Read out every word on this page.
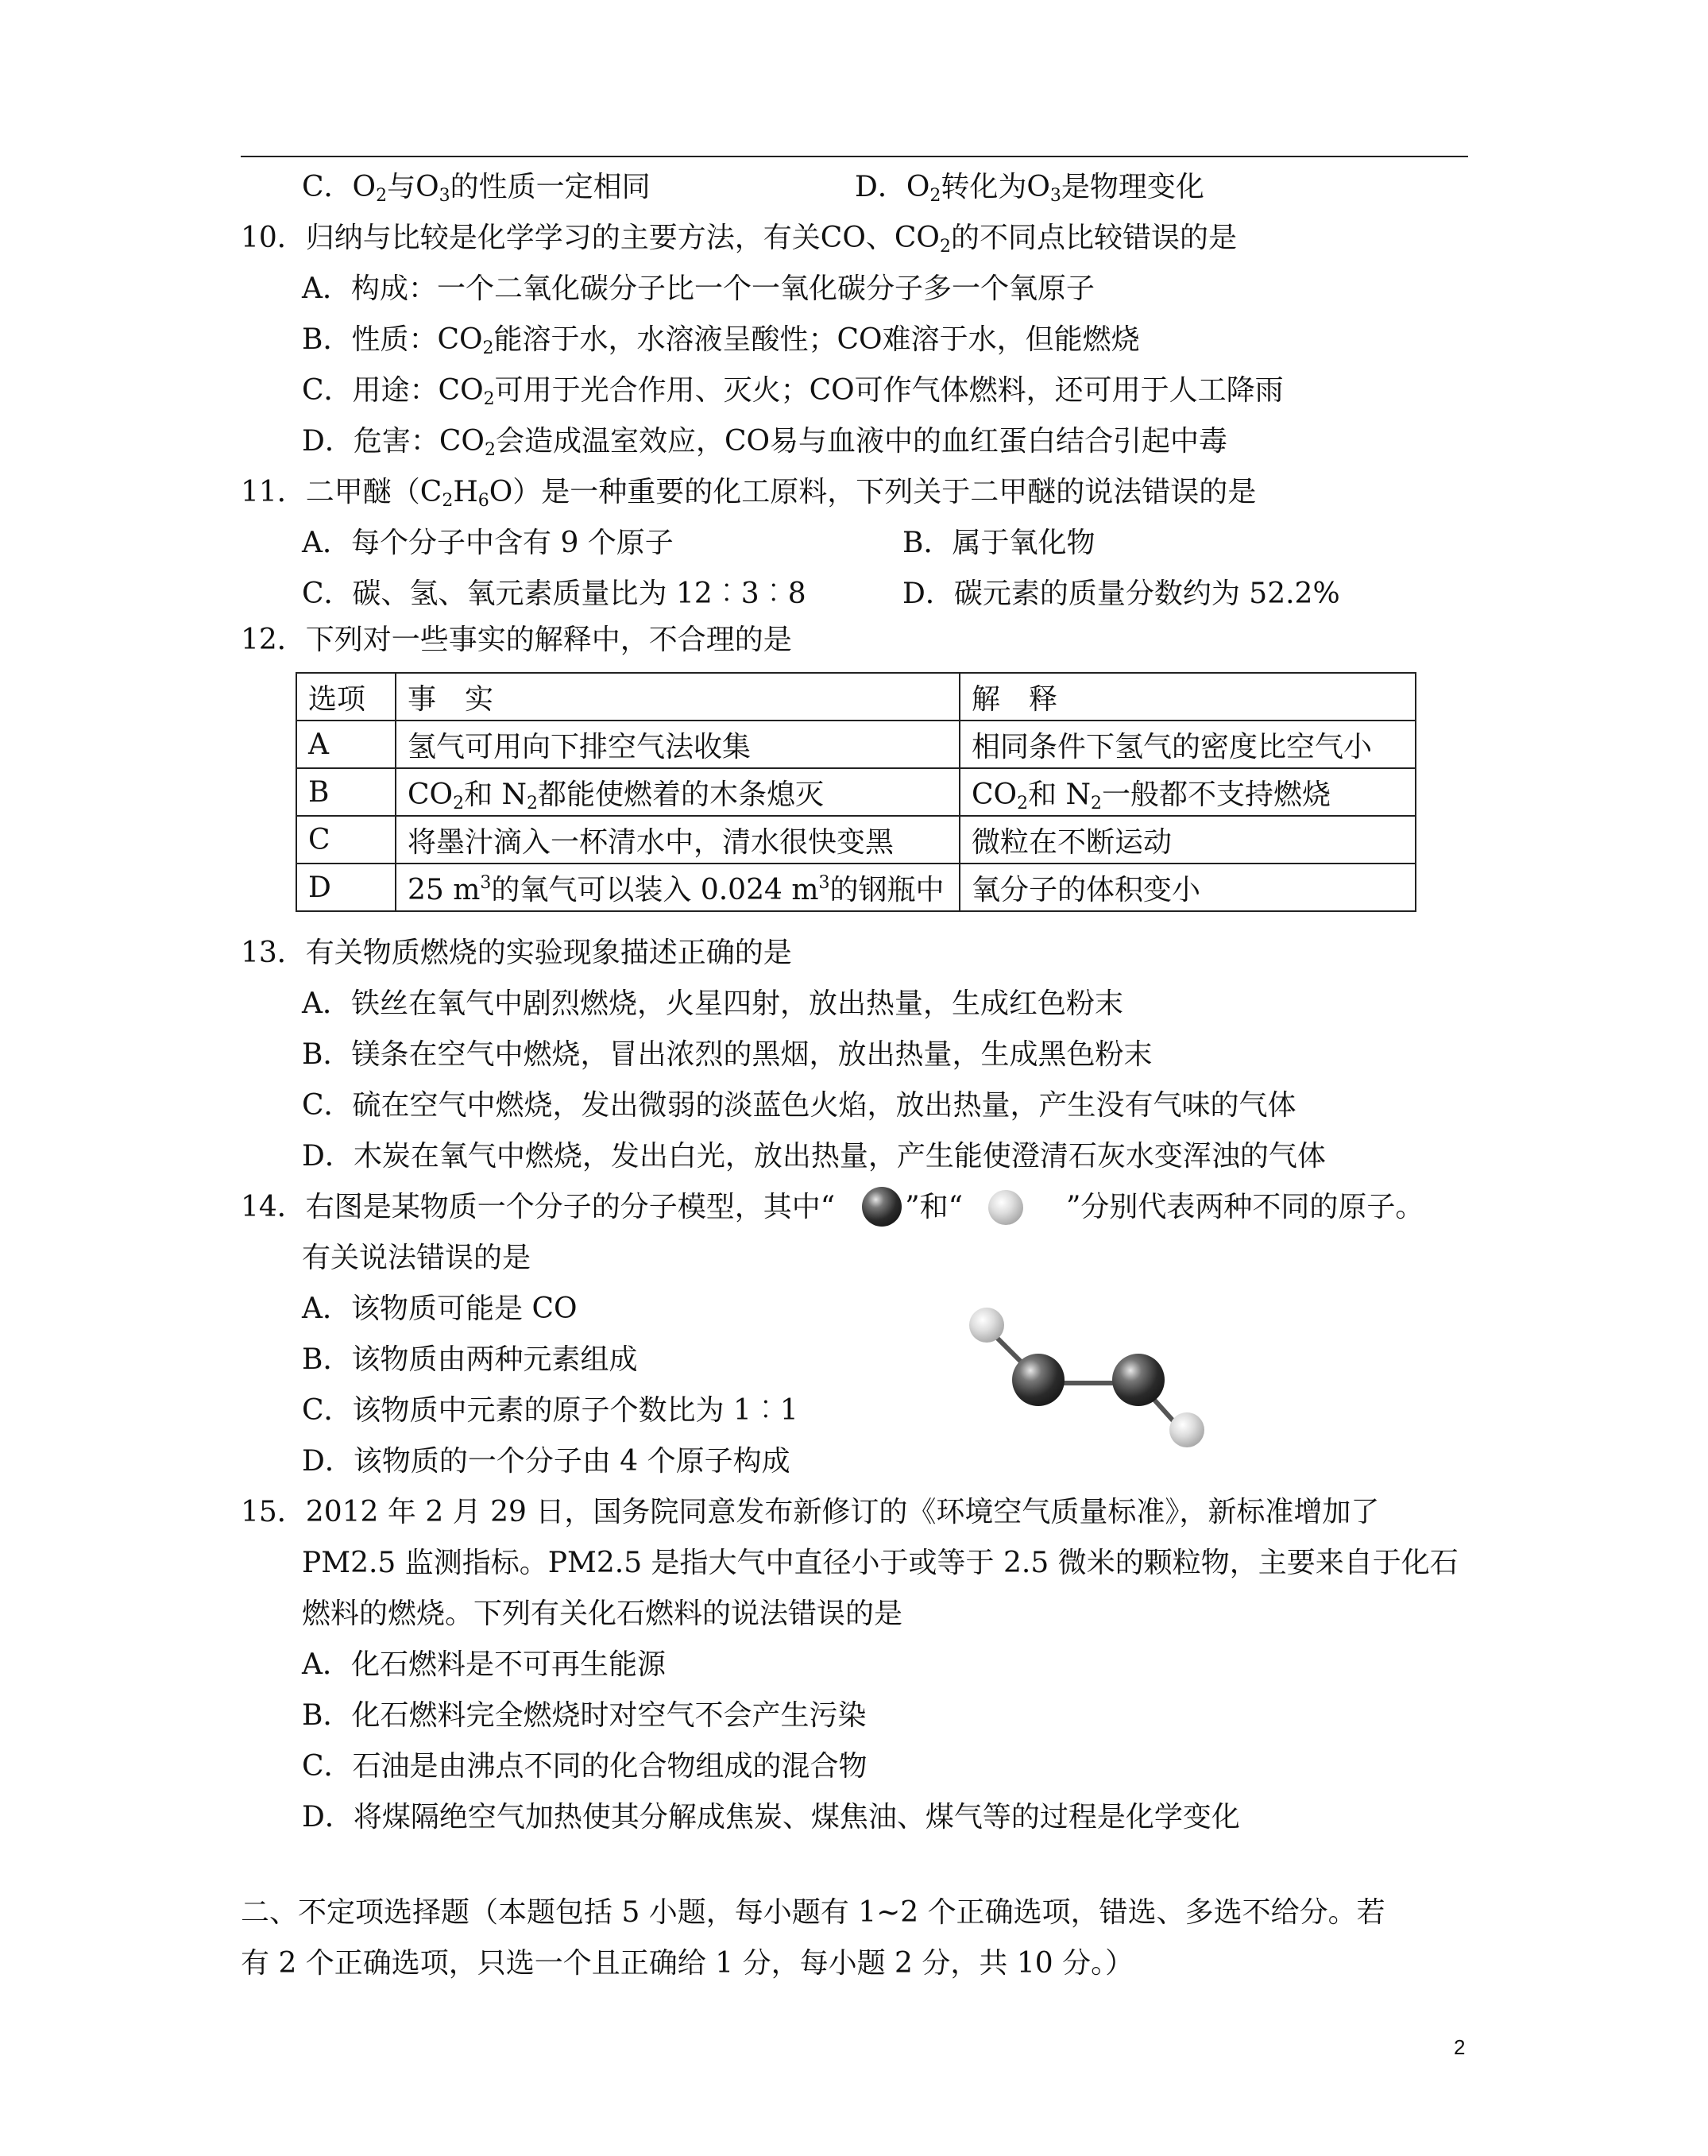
C．$O_2$与$O_3$的性质一定相同	D．$O_2$转化为$O_3$是物理变化
10．归纳与比较是化学学习的主要方法，有关CO、$CO_2$的不同点比较错误的是
A．构成：一个二氧化碳分子比一个一氧化碳分子多一个氧原子
B．性质：$CO_2$能溶于水，水溶液呈酸性；CO难溶于水，但能燃烧
C．用途：$CO_2$可用于光合作用、灭火；CO可作气体燃料，还可用于人工降雨
D．危害：$CO_2$会造成温室效应，CO易与血液中的血红蛋白结合引起中毒
11．二甲醚$(C_2H_6O)$是一种重要的化工原料，下列关于二甲醚的说法错误的是
A．每个分子中含有 9 个原子	B．属于氧化物
C．碳、氢、氧元素质量比为 12︰3︰8	D．碳元素的质量分数约为 52.2%
12．下列对一些事实的解释中，不合理的是
选项	事　实	解　释
A	氢气可用向下排空气法收集	相同条件下氢气的密度比空气小
B	$CO_2$和 $N_2$都能使燃着的木条熄灭	$CO_2$和 $N_2$一般都不支持燃烧
C	将墨汁滴入一杯清水中，清水很快变黑	微粒在不断运动
D	25 $m^3$的氧气可以装入 0.024 $m^3$的钢瓶中	氧分子的体积变小
13．有关物质燃烧的实验现象描述正确的是
A．铁丝在氧气中剧烈燃烧，火星四射，放出热量，生成红色粉末
B．镁条在空气中燃烧，冒出浓烈的黑烟，放出热量，生成黑色粉末
C．硫在空气中燃烧，发出微弱的淡蓝色火焰，放出热量，产生没有气味的气体
D．木炭在氧气中燃烧，发出白光，放出热量，产生能使澄清石灰水变浑浊的气体
14．右图是某物质一个分子的分子模型，其中“ ”和“	”分别代表两种不同的原子。
有关说法错误的是
A．该物质可能是 CO
B．该物质由两种元素组成
C．该物质中元素的原子个数比为 1︰1
D．该物质的一个分子由 4 个原子构成
15．2012 年 2 月 29 日，国务院同意发布新修订的《环境空气质量标准》，新标准增加了 PM2.5 监测指标。PM2.5 是指大气中直径小于或等于 2.5 微米的颗粒物，主要来自于化石燃料的燃烧。下列有关化石燃料的说法错误的是
A．化石燃料是不可再生能源
B．化石燃料完全燃烧时对空气不会产生污染
C．石油是由沸点不同的化合物组成的混合物
D．将煤隔绝空气加热使其分解成焦炭、煤焦油、煤气等的过程是化学变化
二、不定项选择题（本题包括 5 小题，每小题有 1~2 个正确选项，错选、多选不给分。若
有 2 个正确选项，只选一个且正确给 1 分，每小题 2 分，共 10 分。）
2
